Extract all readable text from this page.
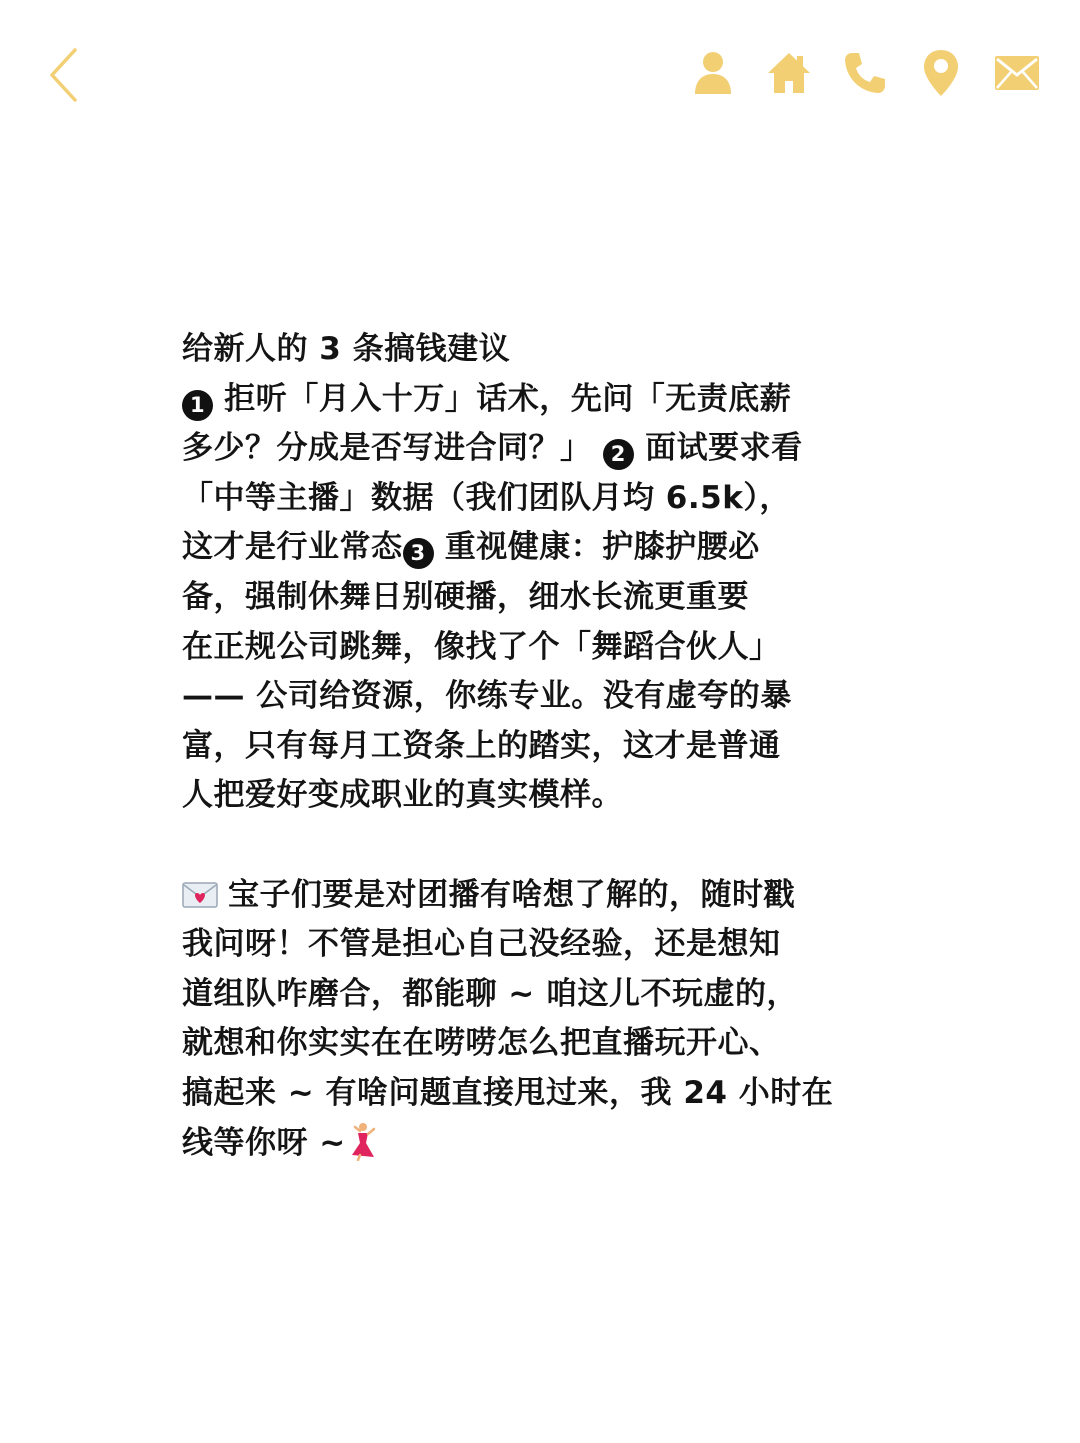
给新人的 3 条搞钱建议
1 拒听「月入十万」话术，先问「无责底薪
多少？分成是否写进合同？」 2 面试要求看
「中等主播」数据（我们团队月均 6.5k），
这才是行业常态 3 重视健康：护膝护腰必
备，强制休舞日别硬播，细水长流更重要
在正规公司跳舞，像找了个「舞蹈合伙人」
—— 公司给资源，你练专业。没有虚夸的暴
富，只有每月工资条上的踏实，这才是普通
人把爱好变成职业的真实模样。
宝子们要是对团播有啥想了解的，随时戳
我问呀！不管是担心自己没经验，还是想知
道组队咋磨合，都能聊 ~ 咱这儿不玩虚的，
就想和你实实在在唠唠怎么把直播玩开心、
搞起来 ~ 有啥问题直接甩过来，我 24 小时在
线等你呀 ~
